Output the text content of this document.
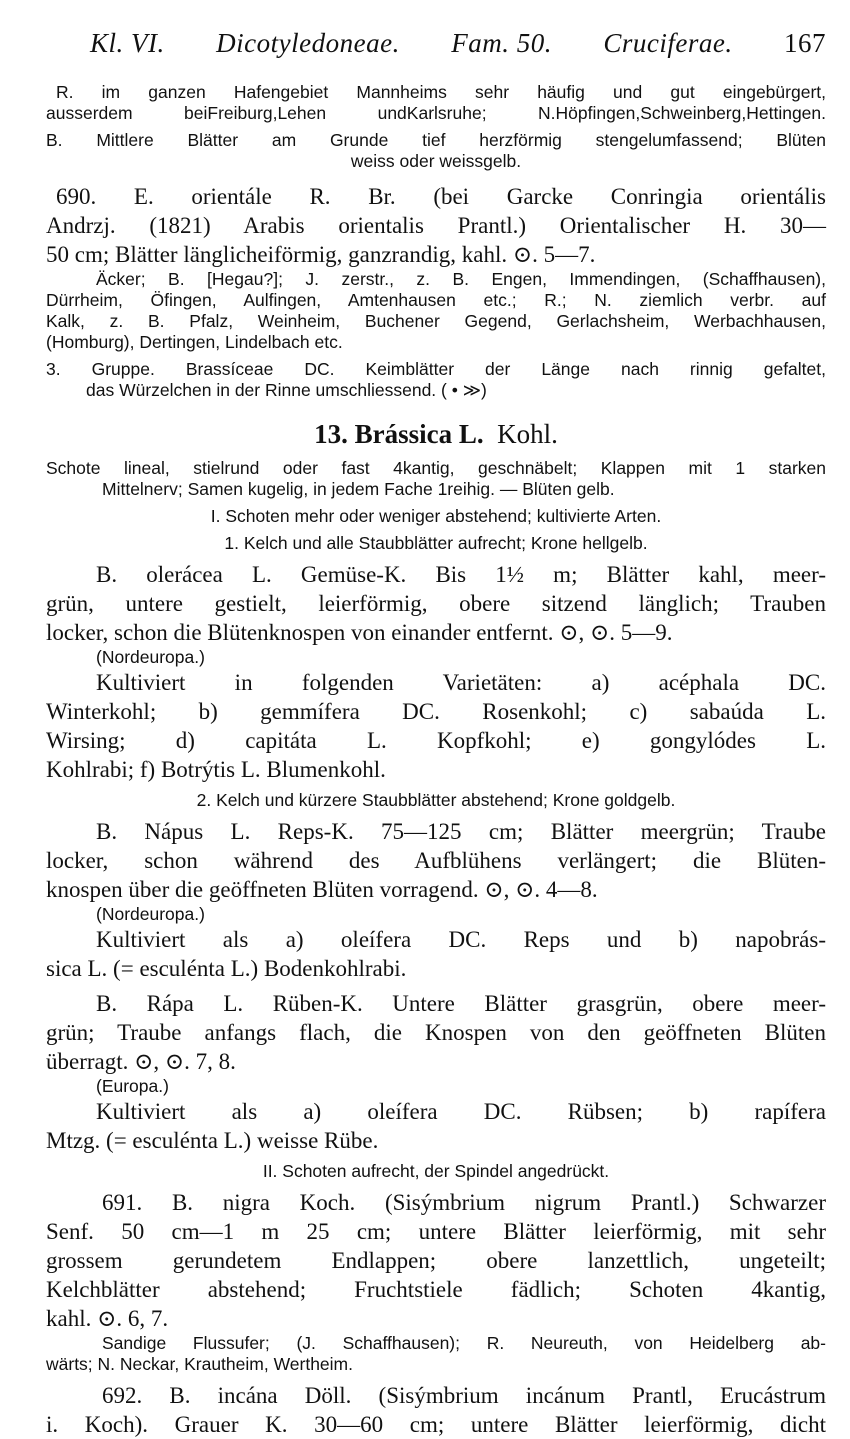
Kl. VI. Dicotyledoneae. Fam. 50. Cruciferae. 167
R. im ganzen Hafengebiet Mannheims sehr häufig und gut eingebürgert,
ausserdem beiFreiburg,Lehen undKarlsruhe; N.Höpfingen,Schweinberg,Hettingen.
B. Mittlere Blätter am Grunde tief herzförmig stengelumfassend; Blüten
weiss oder weissgelb.
690. E. orientále R. Br. (bei Garcke Conringia orientális
Andrzj. (1821) Arabis orientalis Prantl.) Orientalischer H. 30—
50 cm; Blätter länglicheiförmig, ganzrandig, kahl. ⊙. 5—7.
Äcker; B. [Hegau?]; J. zerstr., z. B. Engen, Immendingen, (Schaffhausen),
Dürrheim, Öfingen, Aulfingen, Amtenhausen etc.; R.; N. ziemlich verbr. auf
Kalk, z. B. Pfalz, Weinheim, Buchener Gegend, Gerlachsheim, Werbachhausen,
(Homburg), Dertingen, Lindelbach etc.
3. Gruppe. Brassíceae DC. Keimblätter der Länge nach rinnig gefaltet,
das Würzelchen in der Rinne umschliessend. ( • ≫)
13. Brássica L. Kohl.
Schote lineal, stielrund oder fast 4kantig, geschnäbelt; Klappen mit 1 starken
Mittelnerv; Samen kugelig, in jedem Fache 1reihig. — Blüten gelb.
I. Schoten mehr oder weniger abstehend; kultivierte Arten.
1. Kelch und alle Staubblätter aufrecht; Krone hellgelb.
B. olerácea L. Gemüse-K. Bis 1½ m; Blätter kahl, meer-
grün, untere gestielt, leierförmig, obere sitzend länglich; Trauben
locker, schon die Blütenknospen von einander entfernt. ⊙, ⊙. 5—9.
(Nordeuropa.)
Kultiviert in folgenden Varietäten: a) acéphala DC.
Winterkohl; b) gemmífera DC. Rosenkohl; c) sabaúda L.
Wirsing; d) capitáta L. Kopfkohl; e) gongylódes L.
Kohlrabi; f) Botrýtis L. Blumenkohl.
2. Kelch und kürzere Staubblätter abstehend; Krone goldgelb.
B. Nápus L. Reps-K. 75—125 cm; Blätter meergrün; Traube
locker, schon während des Aufblühens verlängert; die Blüten-
knospen über die geöffneten Blüten vorragend. ⊙, ⊙. 4—8.
(Nordeuropa.)
Kultiviert als a) oleífera DC. Reps und b) napobrás-
sica L. (= esculénta L.) Bodenkohlrabi.
B. Rápa L. Rüben-K. Untere Blätter grasgrün, obere meer-
grün; Traube anfangs flach, die Knospen von den geöffneten Blüten
überragt. ⊙, ⊙. 7, 8.
(Europa.)
Kultiviert als a) oleífera DC. Rübsen; b) rapífera
Mtzg. (= esculénta L.) weisse Rübe.
II. Schoten aufrecht, der Spindel angedrückt.
691. B. nigra Koch. (Sisýmbrium nigrum Prantl.) Schwarzer
Senf. 50 cm—1 m 25 cm; untere Blätter leierförmig, mit sehr
grossem gerundetem Endlappen; obere lanzettlich, ungeteilt;
Kelchblätter abstehend; Fruchtstiele fädlich; Schoten 4kantig,
kahl. ⊙. 6, 7.
Sandige Flussufer; (J. Schaffhausen); R. Neureuth, von Heidelberg ab-
wärts; N. Neckar, Krautheim, Wertheim.
692. B. incána Döll. (Sisýmbrium incánum Prantl, Erucástrum
i. Koch). Grauer K. 30—60 cm; untere Blätter leierförmig, dicht
